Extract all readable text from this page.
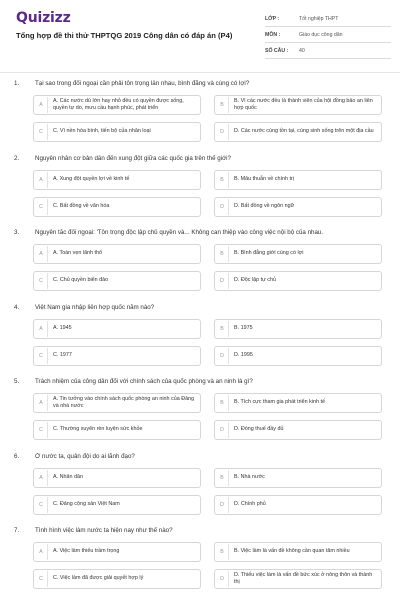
Quizizz
Tổng hợp đề thi thử THPTQG 2019 Công dân có đáp án (P4)
LỚP :	Tốt nghiệp THPT
MÔN :	Giáo dục công dân
SỐ CÂU :	40
1.	Tại sao trong đối ngoại cần phải tôn trọng lẫn nhau, bình đẳng và cùng có lợi?
A
A. Các nước dù lớn hay nhỏ đều có quyền được sống, quyền tự do, mưu cầu hạnh phúc, phát triển	B
B. Vì các nước đều là thành viên của hội đồng bảo an liên hợp quốc
C	C. Vì nền hòa bình, tiến bộ của nhân loại	D	D. Các nước cùng tồn tại, cùng sinh sống trên một địa cầu
2.	Nguyên nhân cơ bản dẫn đến xung đột giữa các quốc gia trên thế giới?
A	A. Xung đột quyền lợi về kinh tế	B	B. Mâu thuẫn về chính trị
C	C. Bất đồng về văn hóa	D	D. Bất đồng về ngôn ngữ
3.	Nguyên tắc đối ngoại: 'Tôn trọng độc lập chủ quyền và... Không can thiệp vào công việc nội bộ của nhau.
A	A. Toàn vẹn lãnh thổ	B	B. Bình đẳng giới cùng có lợi
C	C. Chủ quyền biển đảo	D	D. Độc lập tự chủ
4.	Việt Nam gia nhập liên hợp quốc năm nào?
A	A. 1945	B	B. 1975
C	C. 1977	D	D. 1995
5.	Trách nhiệm của công dân đối với chính sách của quốc phòng và an ninh là gì?
A
A. Tin tưởng vào chính sách quốc phòng an ninh của Đảng và nhà nước	B	B. Tích cực tham gia phát triển kinh tế
C	C. Thường xuyên rèn luyện sức khỏe	D	D. Đóng thuế đầy đủ
6.	Ở nước ta, quân đội do ai lãnh đạo?
A	A. Nhân dân	B	B. Nhà nước
C	C. Đảng cộng sản Việt Nam	D	D. Chính phủ
7.	Tình hình việc làm nước ta hiện nay như thế nào?
A	A. Việc làm thiếu trầm trọng	B	B. Việc làm là vấn đề không cần quan tâm nhiều
C	C. Việc làm đã được giải quyết hợp lý	D
D. Thiếu việc làm là vấn đề bức xúc ở nông thôn và thành thị
